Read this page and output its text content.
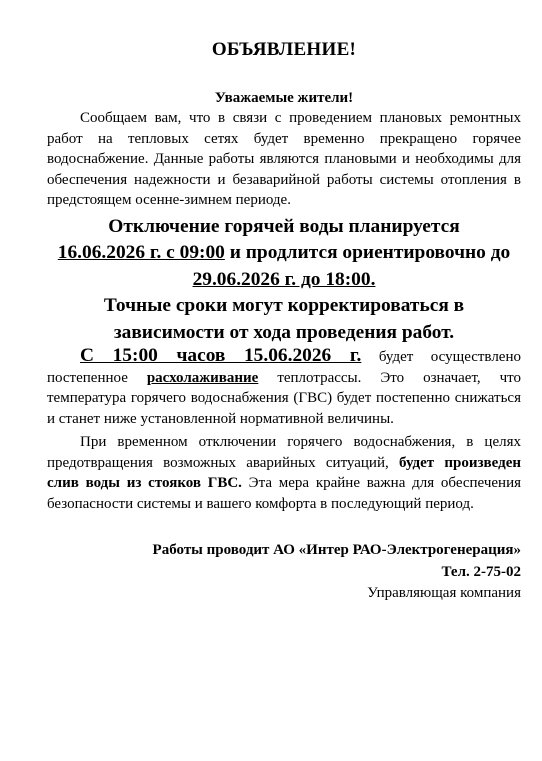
ОБЪЯВЛЕНИЕ!

Уважаемые жители!

Сообщаем вам, что в связи с проведением плановых ремонтных работ на тепловых сетях будет временно прекращено горячее водоснабжение. Данные работы являются плановыми и необходимы для обеспечения надежности и безаварийной работы системы отопления в предстоящем осенне-зимнем периоде.

Отключение горячей воды планируется
16.06.2026 г. с 09:00 и продлится ориентировочно до 29.06.2026 г. до 18:00.

Точные сроки могут корректироваться в зависимости от хода проведения работ.

С 15:00 часов 15.06.2026 г. будет осуществлено постепенное расхолаживание теплотрассы. Это означает, что температура горячего водоснабжения (ГВС) будет постепенно снижаться и станет ниже установленной нормативной величины.

При временном отключении горячего водоснабжения, в целях предотвращения возможных аварийных ситуаций, будет произведен слив воды из стояков ГВС. Эта мера крайне важна для обеспечения безопасности системы и вашего комфорта в последующий период.

Работы проводит АО «Интер РАО-Электрогенерация»
Тел. 2-75-02
Управляющая компания
